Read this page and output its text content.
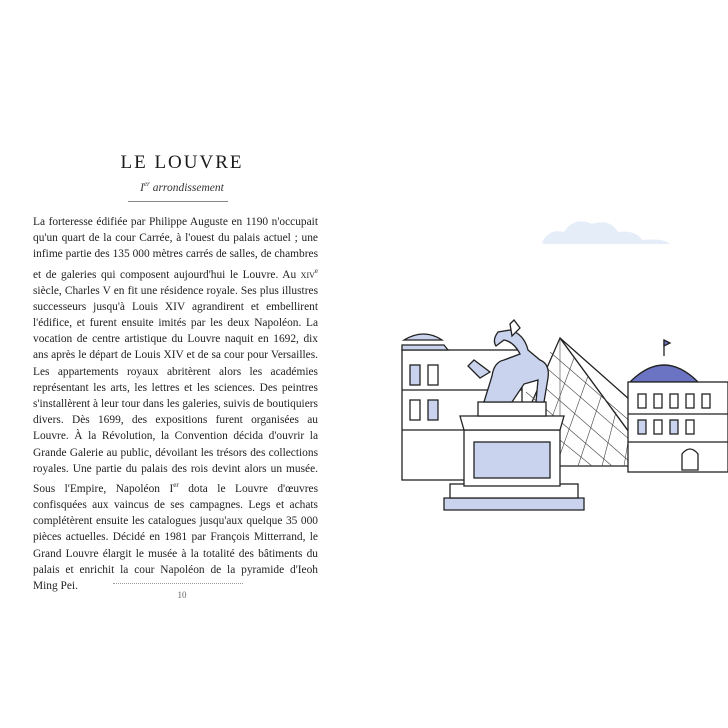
LE LOUVRE
Ier arrondissement

La forteresse édifiée par Philippe Auguste en 1190 n'occupait qu'un quart de la cour Carrée, à l'ouest du palais actuel ; une infime partie des 135 000 mètres carrés de salles, de chambres et de galeries qui composent aujourd'hui le Louvre. Au xiv$^e$ siècle, Charles V en fit une résidence royale. Ses plus illustres successeurs jusqu'à Louis XIV agrandirent et embellirent l'édifice, et furent ensuite imités par les deux Napoléon. La vocation de centre artistique du Louvre naquit en 1692, dix ans après le départ de Louis XIV et de sa cour pour Versailles. Les appartements royaux abritèrent alors les académies représentant les arts, les lettres et les sciences. Des peintres s'installèrent à leur tour dans les galeries, suivis de boutiquiers divers. Dès 1699, des expositions furent organisées au Louvre. À la Révolution, la Convention décida d'ouvrir la Grande Galerie au public, dévoilant les trésors des collections royales. Une partie du palais des rois devint alors un musée. Sous l'Empire, Napoléon Ier dota le Louvre d'œuvres confisquées aux vaincus de ses campagnes. Legs et achats complétèrent ensuite les catalogues jusqu'aux quelque 35 000 pièces actuelles. Décidé en 1981 par François Mitterrand, le Grand Louvre élargit le musée à la totalité des bâtiments du palais et enrichit la cour Napoléon de la pyramide d'Ieoh Ming Pei.

10
